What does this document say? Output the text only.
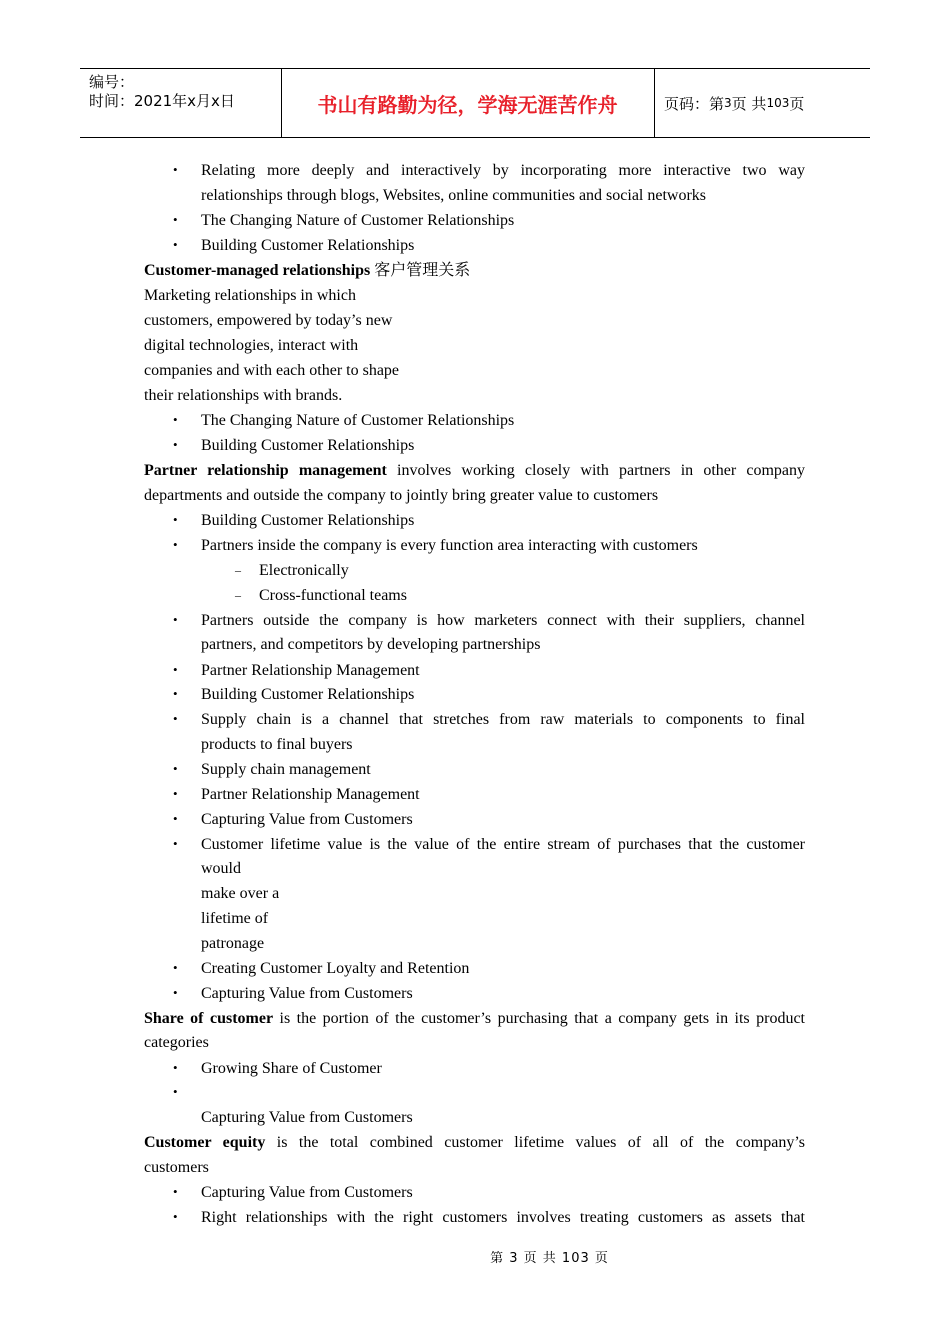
编号：
时间：2021年x月x日	书山有路勤为径，学海无涯苦作舟	页码：第 3 页 共 103 页
• Relating more deeply and interactively by incorporating more interactive two way
relationships through blogs, Websites, online communities and social networks
• The Changing Nature of Customer Relationships
• Building Customer Relationships
Customer-managed relationships 客户管理关系
Marketing relationships in which
customers, empowered by today’s new
digital technologies, interact with
companies and with each other to shape
their relationships with brands.
• The Changing Nature of Customer Relationships
• Building Customer Relationships
Partner relationship management involves working closely with partners in other company
departments and outside the company to jointly bring greater value to customers
• Building Customer Relationships
• Partners inside the company is every function area interacting with customers
– Electronically
– Cross-functional teams
• Partners outside the company is how marketers connect with their suppliers, channel
partners, and competitors by developing partnerships
• Partner Relationship Management
• Building Customer Relationships
• Supply chain is a channel that stretches from raw materials to components to final
products to final buyers
• Supply chain management
• Partner Relationship Management
• Capturing Value from Customers
• Customer lifetime value is the value of the entire stream of purchases that the customer
would
make over a
lifetime of
patronage
• Creating Customer Loyalty and Retention
• Capturing Value from Customers
Share of customer is the portion of the customer’s purchasing that a company gets in its product
categories
• Growing Share of Customer
•
Capturing Value from Customers
Customer equity is the total combined customer lifetime values of all of the company’s
customers
• Capturing Value from Customers
• Right relationships with the right customers involves treating customers as assets that
第 3 页 共 103 页
